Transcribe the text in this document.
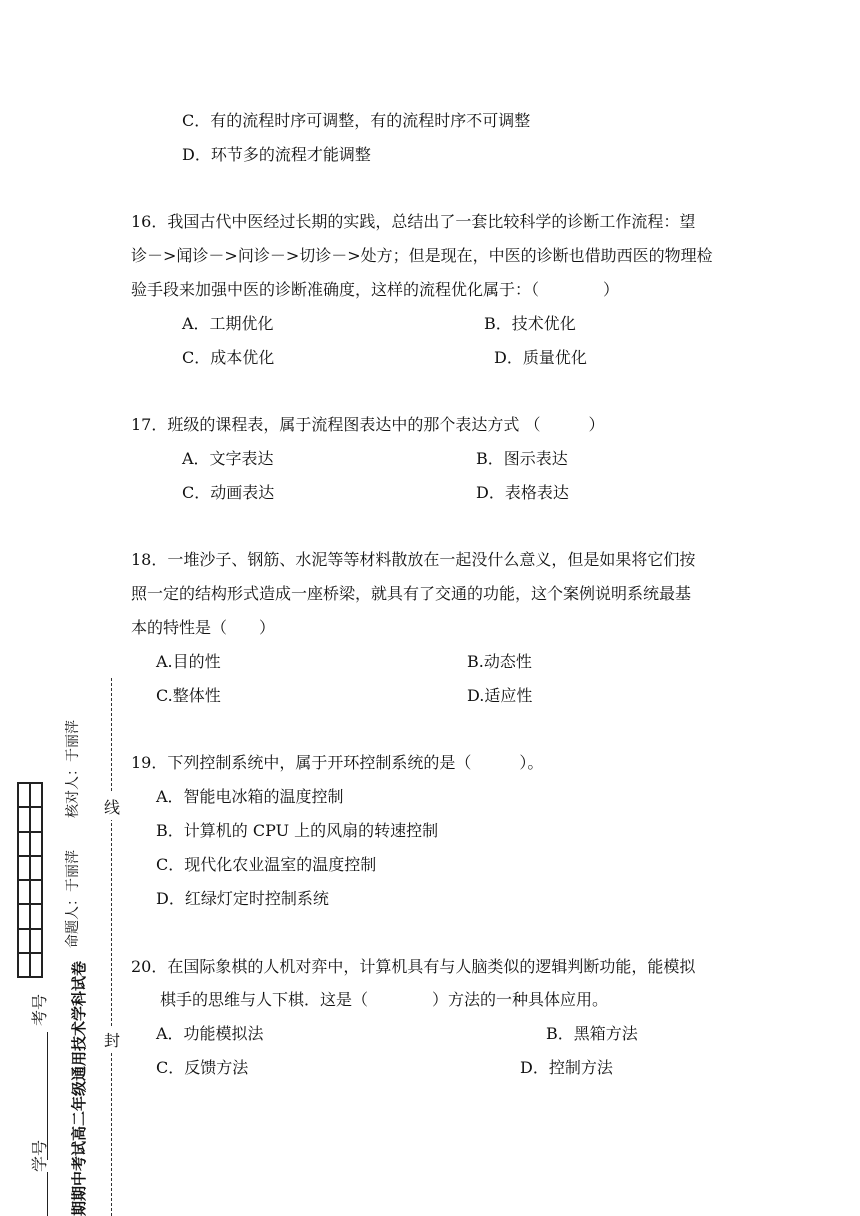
C．有的流程时序可调整，有的流程时序不可调整
D．环节多的流程才能调整
16．我国古代中医经过长期的实践，总结出了一套比较科学的诊断工作流程：望
诊－>闻诊－>问诊－>切诊－>处方；但是现在，中医的诊断也借助西医的物理检
验手段来加强中医的诊断准确度，这样的流程优化属于：（　　　　）
A．工期优化	B．技术优化
C．成本优化	D．质量优化
17．班级的课程表，属于流程图表达中的那个表达方式 （　　　）
A．文字表达	B．图示表达
C．动画表达	D．表格表达
18．一堆沙子、钢筋、水泥等等材料散放在一起没什么意义，但是如果将它们按
照一定的结构形式造成一座桥梁，就具有了交通的功能，这个案例说明系统最基
本的特性是（　　）
A.目的性	B.动态性
C.整体性	D.适应性
19．下列控制系统中，属于开环控制系统的是（　　　）。
A．智能电冰箱的温度控制
B．计算机的 CPU 上的风扇的转速控制
C．现代化农业温室的温度控制
D．红绿灯定时控制系统
20．在国际象棋的人机对弈中，计算机具有与人脑类似的逻辑判断功能，能模拟
棋手的思维与人下棋．这是（　　　　）方法的一种具体应用。
A．功能模拟法	B．黑箱方法
C．反馈方法	D．控制方法
期期中考试高二年级通用技术学科试卷
命题人：于丽萍
核对人：于丽萍
学号
考号
线
封
